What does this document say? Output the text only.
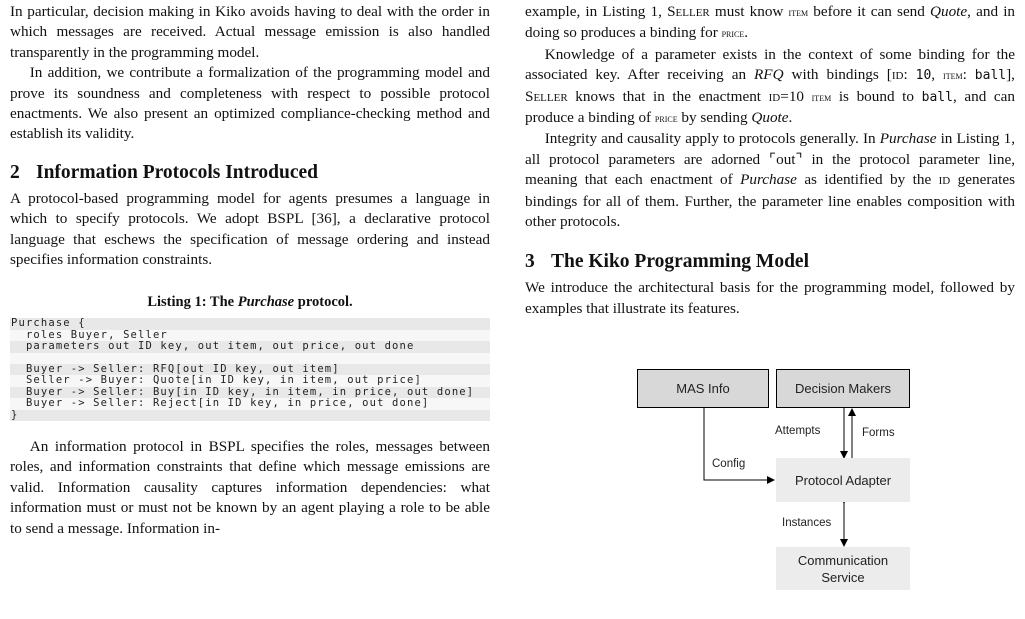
In particular, decision making in Kiko avoids having to deal with the order in which messages are received. Actual message emission is also handled transparently in the programming model.

In addition, we contribute a formalization of the programming model and prove its soundness and completeness with respect to possible protocol enactments. We also present an optimized compliance-checking method and establish its validity.

2 Information Protocols Introduced

A protocol-based programming model for agents presumes a language in which to specify protocols. We adopt BSPL [36], a declarative protocol language that eschews the specification of message ordering and instead specifies information constraints.

Listing 1: The Purchase protocol.
Purchase {
roles Buyer, Seller
parameters out ID key, out item, out price, out done
Buyer -> Seller: RFQ[out ID key, out item]
Seller -> Buyer: Quote[in ID key, in item, out price]
Buyer -> Seller: Buy[in ID key, in item, in price, out done]
Buyer -> Seller: Reject[in ID key, in price, out done]
}

An information protocol in BSPL specifies the roles, messages between roles, and information constraints that define which message emissions are valid. Information causality captures information dependencies: what information must or must not be known by an agent playing a role to be able to send a message. Information in-

example, in Listing 1, Seller must know item before it can send Quote, and in doing so produces a binding for price.

Knowledge of a parameter exists in the context of some binding for the associated key. After receiving an RFQ with bindings [ID: 10, item: ball], Seller knows that in the enactment ID=10 item is bound to ball, and can produce a binding of price by sending Quote.

Integrity and causality apply to protocols generally. In Purchase in Listing 1, all protocol parameters are adorned ⌜out⌝ in the protocol parameter line, meaning that each enactment of Purchase as identified by the ID generates bindings for all of them. Further, the parameter line enables composition with other protocols.

3 The Kiko Programming Model

We introduce the architectural basis for the programming model, followed by examples that illustrate its features.

MAS Info	Decision Makers
Protocol Adapter
Communication Service
Attempts	Forms
Config
Instances
